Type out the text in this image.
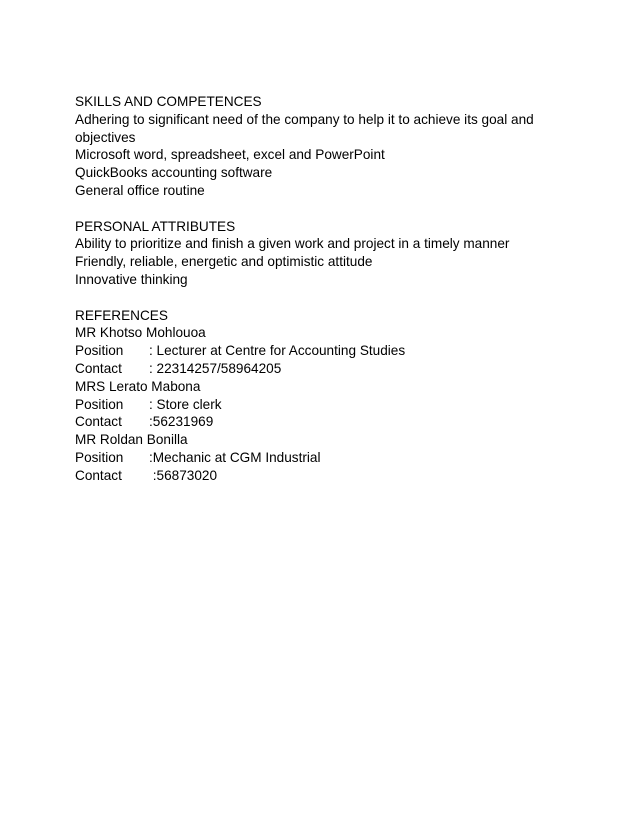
SKILLS AND COMPETENCES
Adhering to significant need of the company to help it to achieve its goal and objectives
Microsoft word, spreadsheet, excel and PowerPoint
QuickBooks accounting software
General office routine
PERSONAL ATTRIBUTES
Ability to prioritize and finish a given work and project in a timely manner
Friendly, reliable, energetic and optimistic attitude
Innovative thinking
REFERENCES
MR Khotso Mohlouoa
Position : Lecturer at Centre for Accounting Studies
Contact : 22314257/58964205
MRS Lerato Mabona
Position : Store clerk
Contact :56231969
MR Roldan Bonilla
Position :Mechanic at CGM Industrial
Contact :56873020
